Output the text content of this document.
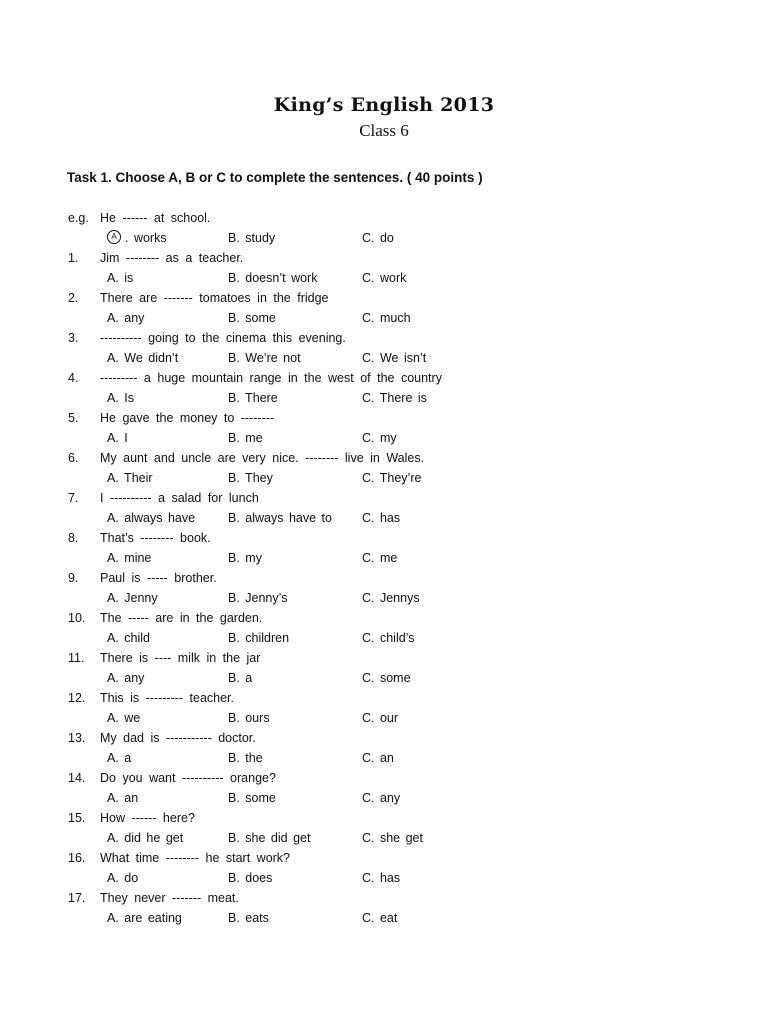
King’s English 2013
Class 6
Task 1. Choose A, B or C to complete the sentences. ( 40 points )
e.g. He ------ at school.
A . works	B. study	C. do
1. Jim -------- as a teacher.
A. is	B. doesn’t work	C. work
2. There are ------- tomatoes in the fridge
A. any	B. some	C. much
3. ---------- going to the cinema this evening.
A. We didn’t	B. We’re not	C. We isn’t
4. --------- a huge mountain range in the west of the country
A. Is	B. There	C. There is
5. He gave the money to --------
A. I	B. me	C. my
6. My aunt and uncle are very nice. -------- live in Wales.
A. Their	B. They	C. They’re
7. I ---------- a salad for lunch
A. always have	B. always have to C. has
8. That’s -------- book.
A. mine	B. my	C. me
9. Paul is ----- brother.
A. Jenny	B. Jenny’s	C. Jennys
10. The ----- are in the garden.
A. child	B. children	C. child’s
11. There is ---- milk in the jar
A. any	B. a	C. some
12. This is --------- teacher.
A. we	B. ours	C. our
13. My dad is ----------- doctor.
A. a	B. the	C. an
14. Do you want ---------- orange?
A. an	B. some	C. any
15. How ------ here?
A. did he get	B. she did get	C. she get
16. What time -------- he start work?
A. do	B. does	C. has
17. They never ------- meat.
A. are eating	B. eats	C. eat
